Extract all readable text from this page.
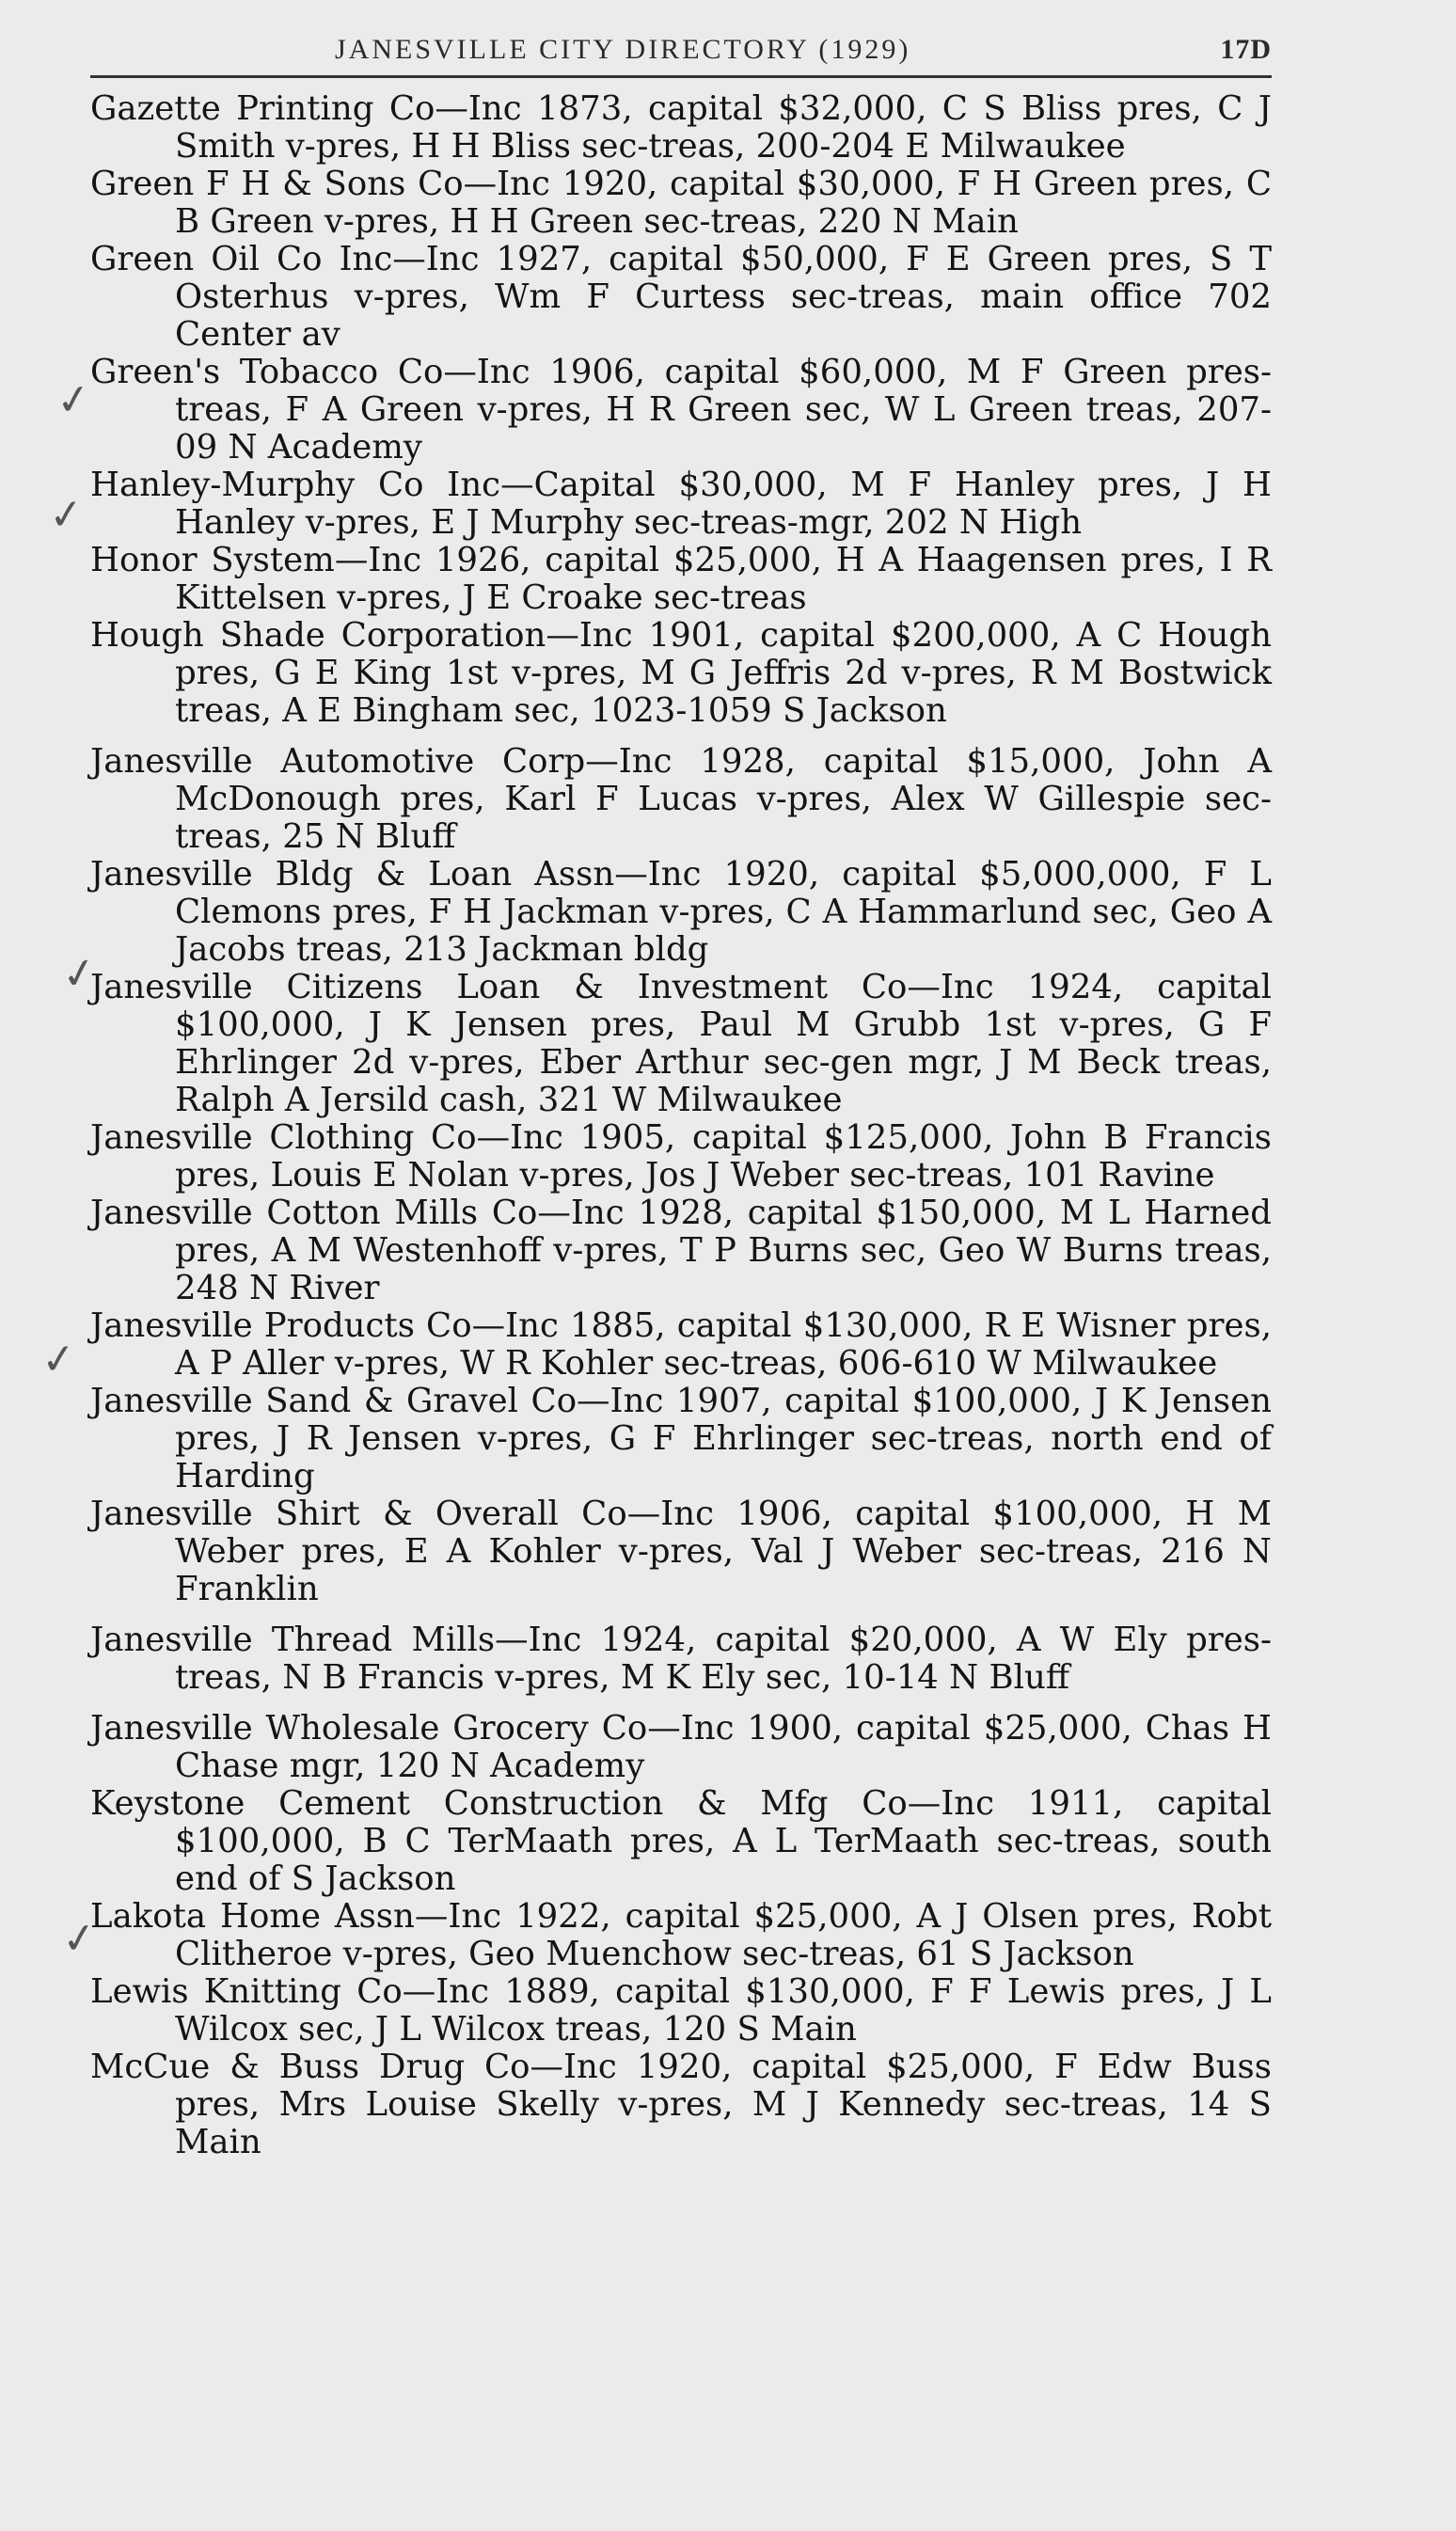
JANESVILLE CITY DIRECTORY (1929)	17D
Gazette Printing Co—Inc 1873, capital $32,000, C S Bliss pres, C J Smith v-pres, H H Bliss sec-treas, 200-204 E Milwaukee
Green F H & Sons Co—Inc 1920, capital $30,000, F H Green pres, C B Green v-pres, H H Green sec-treas, 220 N Main
Green Oil Co Inc—Inc 1927, capital $50,000, F E Green pres, S T Osterhus v-pres, Wm F Curtess sec-treas, main office 702 Center av
Green's Tobacco Co—Inc 1906, capital $60,000, M F Green pres-treas, F A Green v-pres, H R Green sec, W L Green treas, 207-09 N Academy
Hanley-Murphy Co Inc—Capital $30,000, M F Hanley pres, J H Hanley v-pres, E J Murphy sec-treas-mgr, 202 N High
Honor System—Inc 1926, capital $25,000, H A Haagensen pres, I R Kittelsen v-pres, J E Croake sec-treas
Hough Shade Corporation—Inc 1901, capital $200,000, A C Hough pres, G E King 1st v-pres, M G Jeffris 2d v-pres, R M Bostwick treas, A E Bingham sec, 1023-1059 S Jackson
Janesville Automotive Corp—Inc 1928, capital $15,000, John A McDonough pres, Karl F Lucas v-pres, Alex W Gillespie sec-treas, 25 N Bluff
Janesville Bldg & Loan Assn—Inc 1920, capital $5,000,000, F L Clemons pres, F H Jackman v-pres, C A Hammarlund sec, Geo A Jacobs treas, 213 Jackman bldg
Janesville Citizens Loan & Investment Co—Inc 1924, capital $100,000, J K Jensen pres, Paul M Grubb 1st v-pres, G F Ehrlinger 2d v-pres, Eber Arthur sec-gen mgr, J M Beck treas, Ralph A Jersild cash, 321 W Milwaukee
Janesville Clothing Co—Inc 1905, capital $125,000, John B Francis pres, Louis E Nolan v-pres, Jos J Weber sec-treas, 101 Ravine
Janesville Cotton Mills Co—Inc 1928, capital $150,000, M L Harned pres, A M Westenhoff v-pres, T P Burns sec, Geo W Burns treas, 248 N River
Janesville Products Co—Inc 1885, capital $130,000, R E Wisner pres, A P Aller v-pres, W R Kohler sec-treas, 606-610 W Milwaukee
Janesville Sand & Gravel Co—Inc 1907, capital $100,000, J K Jensen pres, J R Jensen v-pres, G F Ehrlinger sec-treas, north end of Harding
Janesville Shirt & Overall Co—Inc 1906, capital $100,000, H M Weber pres, E A Kohler v-pres, Val J Weber sec-treas, 216 N Franklin
Janesville Thread Mills—Inc 1924, capital $20,000, A W Ely pres-treas, N B Francis v-pres, M K Ely sec, 10-14 N Bluff
Janesville Wholesale Grocery Co—Inc 1900, capital $25,000, Chas H Chase mgr, 120 N Academy
Keystone Cement Construction & Mfg Co—Inc 1911, capital $100,000, B C TerMaath pres, A L TerMaath sec-treas, south end of S Jackson
Lakota Home Assn—Inc 1922, capital $25,000, A J Olsen pres, Robt Clitheroe v-pres, Geo Muenchow sec-treas, 61 S Jackson
Lewis Knitting Co—Inc 1889, capital $130,000, F F Lewis pres, J L Wilcox sec, J L Wilcox treas, 120 S Main
McCue & Buss Drug Co—Inc 1920, capital $25,000, F Edw Buss pres, Mrs Louise Skelly v-pres, M J Kennedy sec-treas, 14 S Main
✓
✓
✓
✓
✓
